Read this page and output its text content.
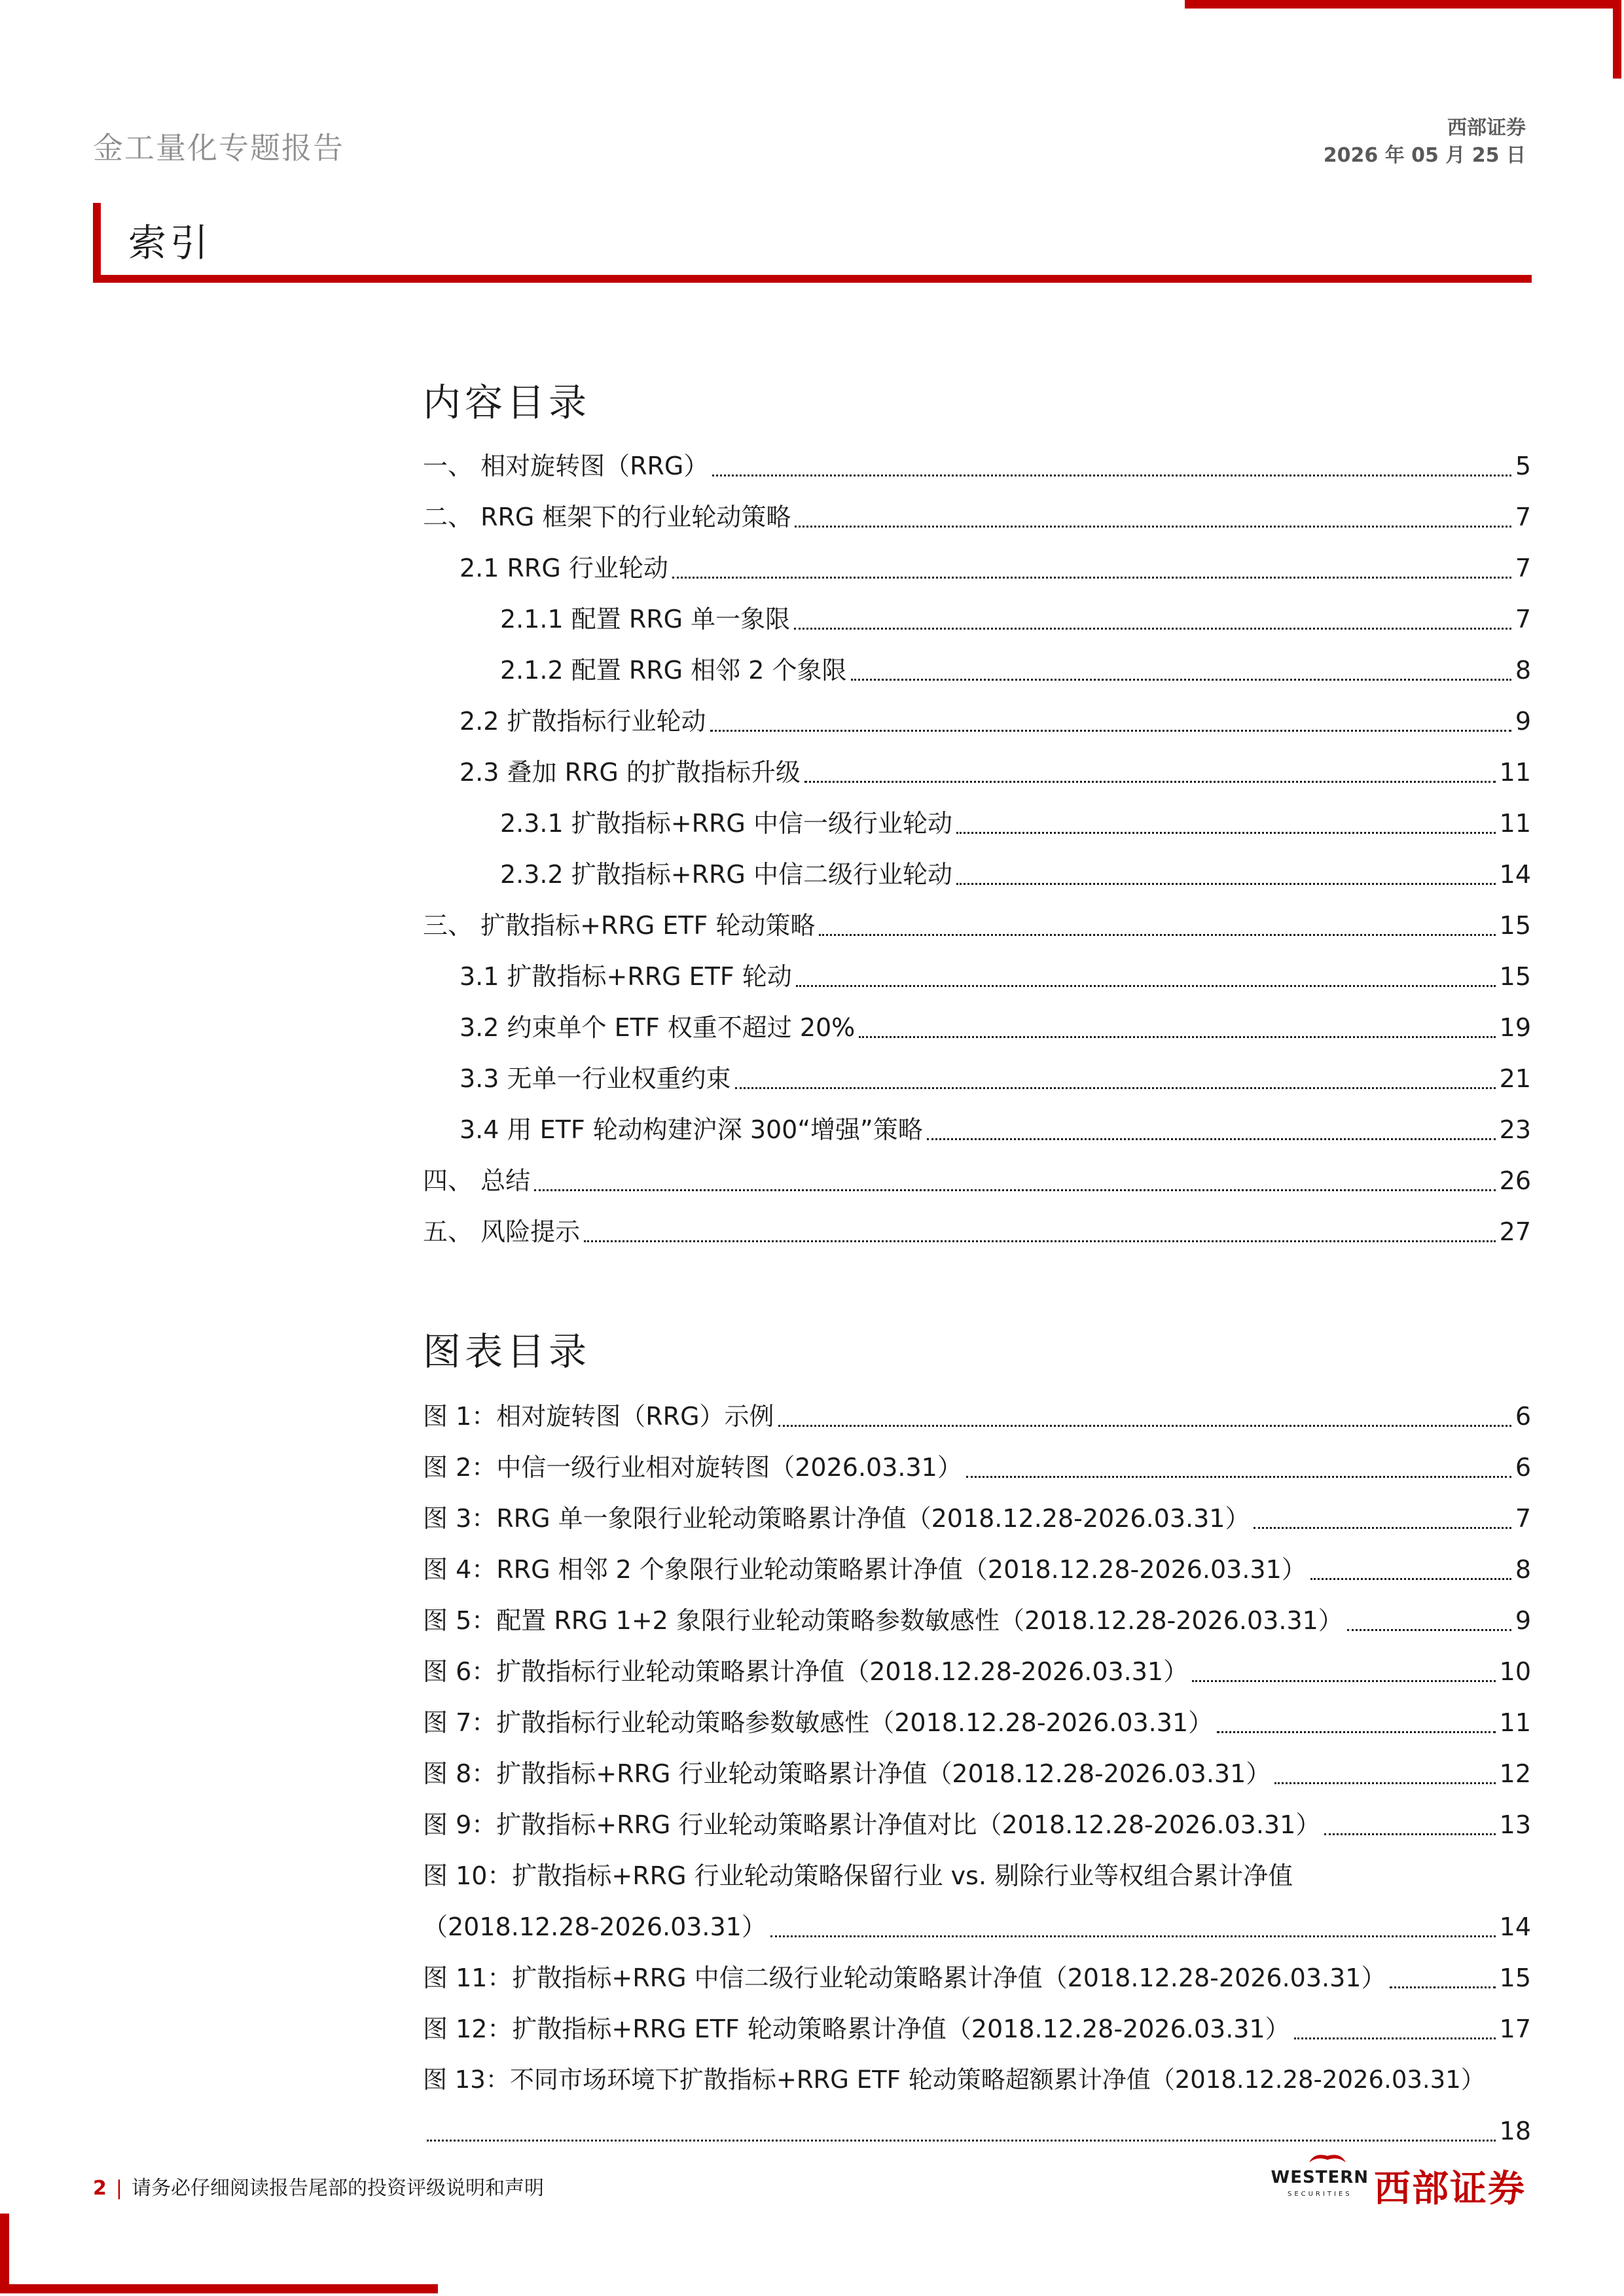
金工量化专题报告
西部证券
2026 年 05 月 25 日
索引
内容目录
一、 相对旋转图（RRG）	5
二、 RRG 框架下的行业轮动策略	7
2.1 RRG 行业轮动	7
2.1.1 配置 RRG 单一象限	7
2.1.2 配置 RRG 相邻 2 个象限	8
2.2 扩散指标行业轮动	9
2.3 叠加 RRG 的扩散指标升级	11
2.3.1 扩散指标+RRG 中信一级行业轮动	11
2.3.2 扩散指标+RRG 中信二级行业轮动	14
三、 扩散指标+RRG ETF 轮动策略	15
3.1 扩散指标+RRG ETF 轮动	15
3.2 约束单个 ETF 权重不超过 20%	19
3.3 无单一行业权重约束	21
3.4 用 ETF 轮动构建沪深 300“增强”策略	23
四、 总结	26
五、 风险提示	27
图表目录
图 1：相对旋转图（RRG）示例	6
图 2：中信一级行业相对旋转图（2026.03.31）	6
图 3：RRG 单一象限行业轮动策略累计净值（2018.12.28-2026.03.31）	7
图 4：RRG 相邻 2 个象限行业轮动策略累计净值（2018.12.28-2026.03.31）	8
图 5：配置 RRG 1+2 象限行业轮动策略参数敏感性（2018.12.28-2026.03.31）	9
图 6：扩散指标行业轮动策略累计净值（2018.12.28-2026.03.31）	10
图 7：扩散指标行业轮动策略参数敏感性（2018.12.28-2026.03.31）	11
图 8：扩散指标+RRG 行业轮动策略累计净值（2018.12.28-2026.03.31）	12
图 9：扩散指标+RRG 行业轮动策略累计净值对比（2018.12.28-2026.03.31）	13
图 10：扩散指标+RRG 行业轮动策略保留行业 vs. 剔除行业等权组合累计净值
（2018.12.28-2026.03.31）	14
图 11：扩散指标+RRG 中信二级行业轮动策略累计净值（2018.12.28-2026.03.31）	15
图 12：扩散指标+RRG ETF 轮动策略累计净值（2018.12.28-2026.03.31）	17
图 13：不同市场环境下扩散指标+RRG ETF 轮动策略超额累计净值（2018.12.28-2026.03.31）
18
2 | 请务必仔细阅读报告尾部的投资评级说明和声明	WESTERN
SECURITIES 西部证券
